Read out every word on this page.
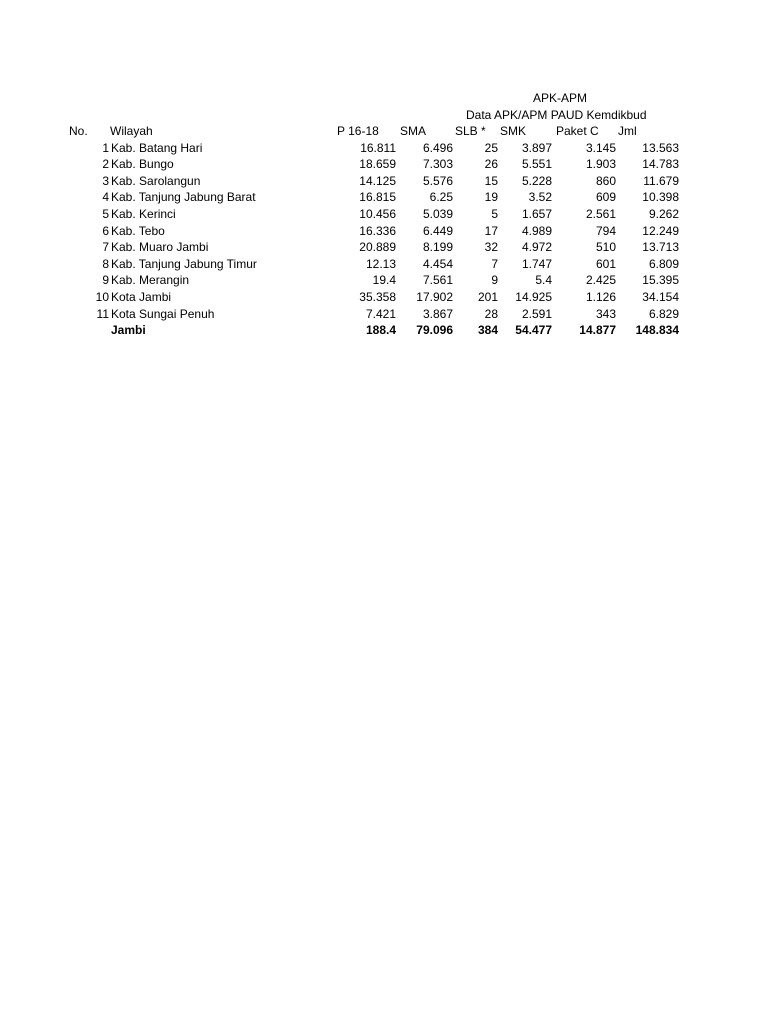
APK-APM
Data APK/APM PAUD Kemdikbud
No. Wilayah	P 16-18 SMA SLB * SMK Paket C Jml
1 Kab. Batang Hari	16.811 6.496	25 3.897	3.145 13.563
2 Kab. Bungo	18.659 7.303	26 5.551	1.903 14.783
3 Kab. Sarolangun	14.125 5.576	15 5.228	860 11.679
4 Kab. Tanjung Jabung Barat	16.815	6.25	19	3.52	609 10.398
5 Kab. Kerinci	10.456 5.039	5 1.657	2.561	9.262
6 Kab. Tebo	16.336 6.449	17 4.989	794 12.249
7 Kab. Muaro Jambi	20.889 8.199	32 4.972	510 13.713
8 Kab. Tanjung Jabung Timur	12.13 4.454	7 1.747	601	6.809
9 Kab. Merangin	19.4 7.561	9	5.4	2.425 15.395
10 Kota Jambi	35.358 17.902 201 14.925	1.126 34.154
11 Kota Sungai Penuh	7.421 3.867	28 2.591	343	6.829
Jambi	188.4 79.096 384 54.477 14.877 148.834
